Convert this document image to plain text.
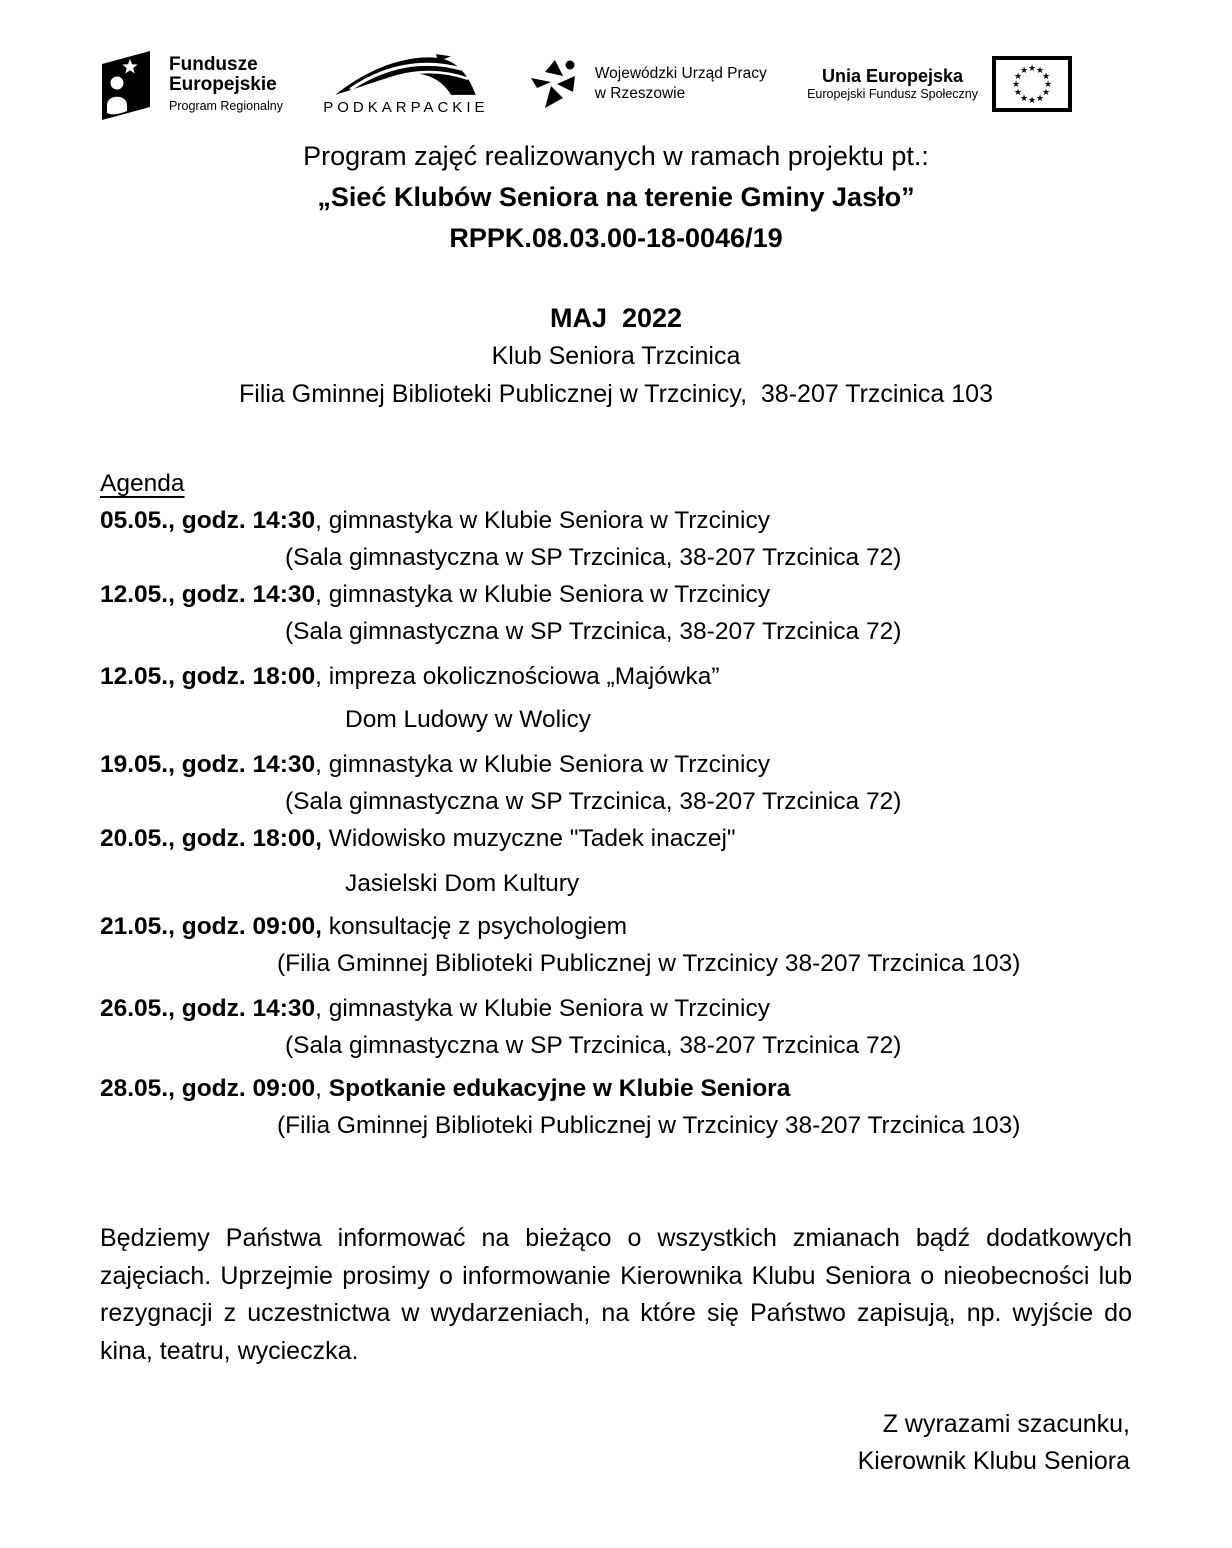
Fundusze
Europejskie
Program Regionalny	PODKARPACKIE
Wojewódzki Urząd Pracy
w Rzeszowie
Unia Europejska
Europejski Fundusz Społeczny
★ ★
★
★
★
★
★
★
★
★
★
★
Program zajęć realizowanych w ramach projektu pt.:
„Sieć Klubów Seniora na terenie Gminy Jasło”
RPPK.08.03.00-18-0046/19
MAJ  2022
Klub Seniora Trzcinica
Filia Gminnej Biblioteki Publicznej w Trzcinicy,  38-207 Trzcinica 103
Agenda
05.05., godz. 14:30, gimnastyka w Klubie Seniora w Trzcinicy
(Sala gimnastyczna w SP Trzcinica, 38-207 Trzcinica 72)
12.05., godz. 14:30, gimnastyka w Klubie Seniora w Trzcinicy
(Sala gimnastyczna w SP Trzcinica, 38-207 Trzcinica 72)
12.05., godz. 18:00, impreza okolicznościowa „Majówka”
Dom Ludowy w Wolicy
19.05., godz. 14:30, gimnastyka w Klubie Seniora w Trzcinicy
(Sala gimnastyczna w SP Trzcinica, 38-207 Trzcinica 72)
20.05., godz. 18:00, Widowisko muzyczne "Tadek inaczej"
Jasielski Dom Kultury
21.05., godz. 09:00, konsultację z psychologiem
(Filia Gminnej Biblioteki Publicznej w Trzcinicy 38-207 Trzcinica 103)
26.05., godz. 14:30, gimnastyka w Klubie Seniora w Trzcinicy
(Sala gimnastyczna w SP Trzcinica, 38-207 Trzcinica 72)
28.05., godz. 09:00, Spotkanie edukacyjne w Klubie Seniora
(Filia Gminnej Biblioteki Publicznej w Trzcinicy 38-207 Trzcinica 103)

Będziemy Państwa informować na bieżąco o wszystkich zmianach bądź dodatkowych zajęciach. Uprzejmie prosimy o informowanie Kierownika Klubu Seniora o nieobecności lub rezygnacji z uczestnictwa w wydarzeniach, na które się Państwo zapisują, np. wyjście do kina, teatru, wycieczka.

Z wyrazami szacunku,
Kierownik Klubu Seniora
